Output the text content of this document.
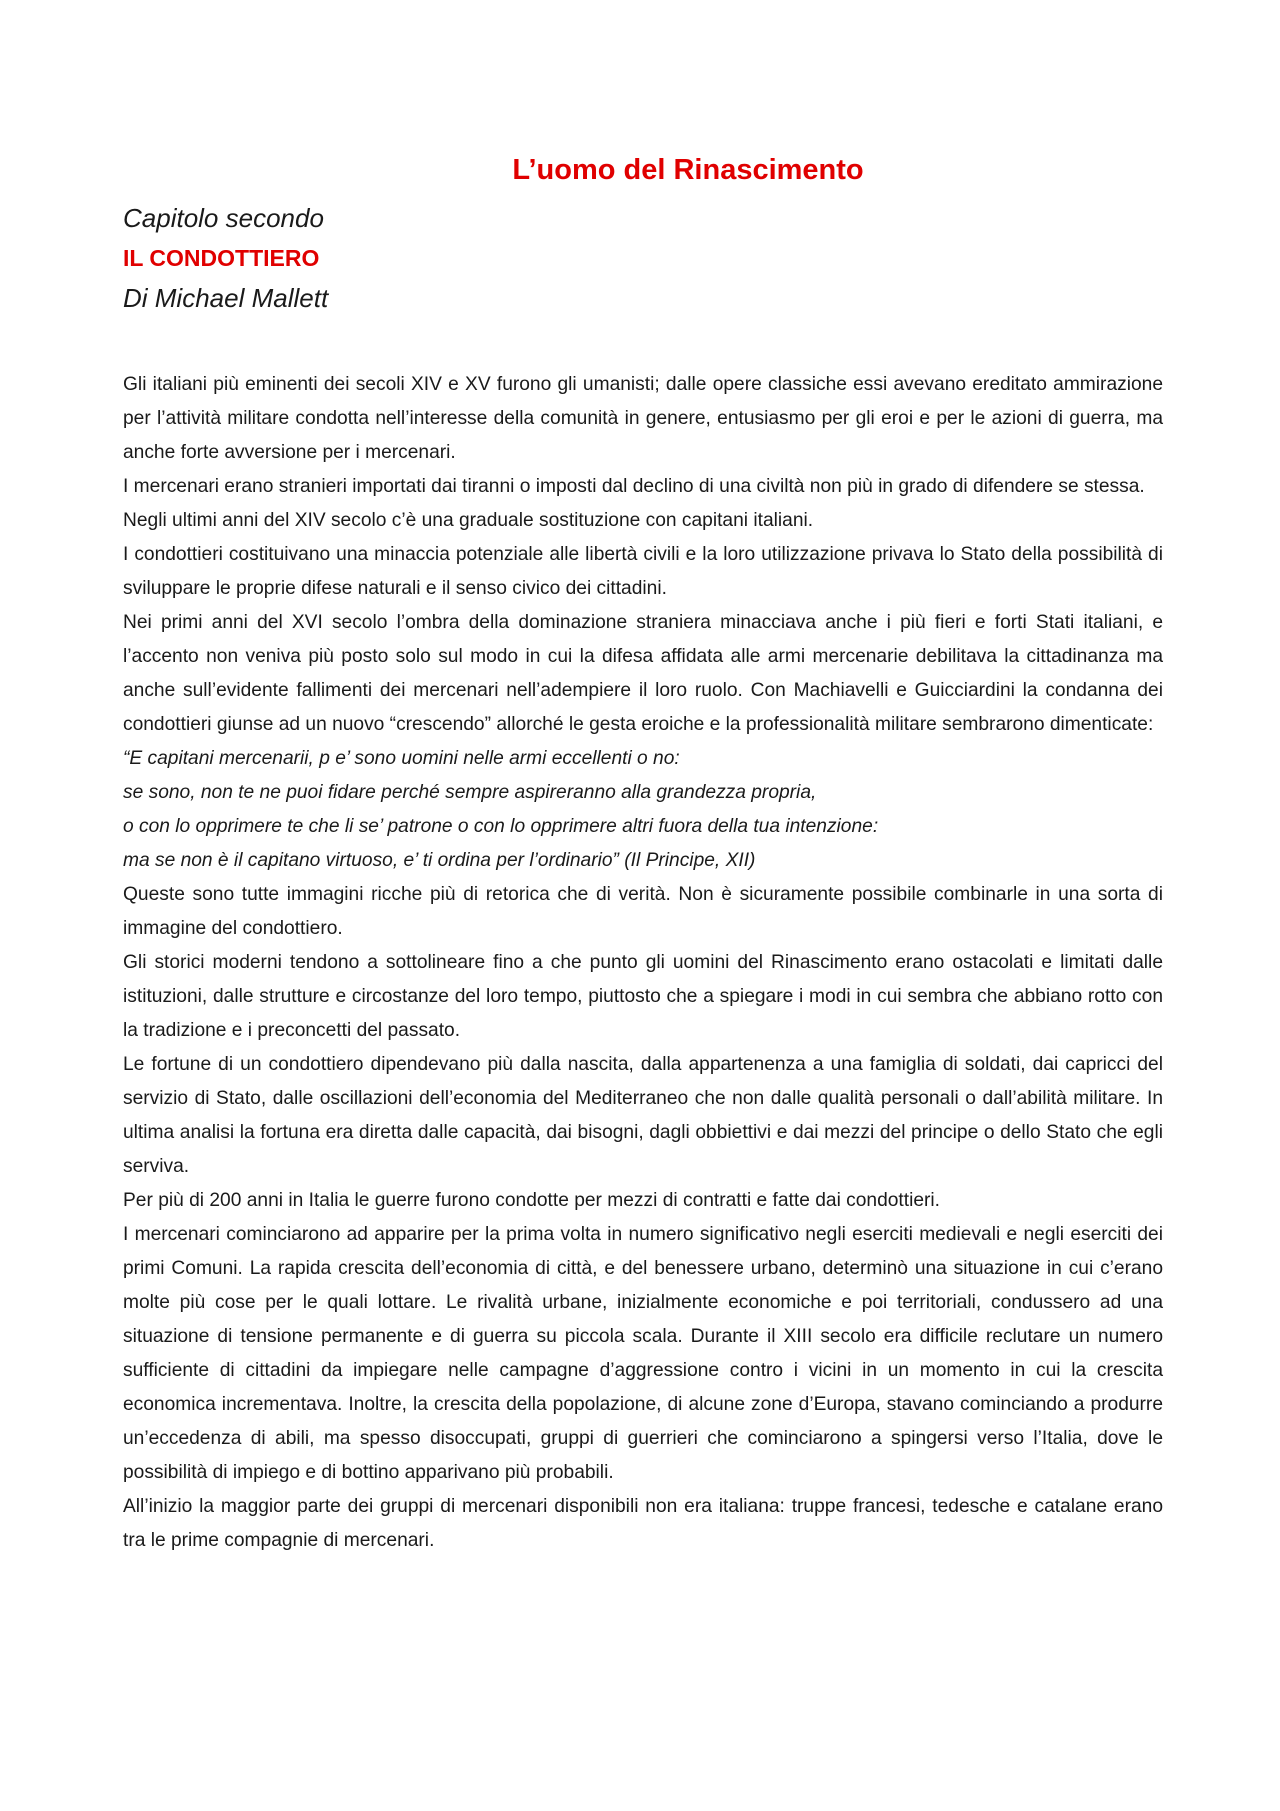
L’uomo del Rinascimento

Capitolo secondo

IL CONDOTTIERO

Di Michael Mallett

Gli italiani più eminenti dei secoli XIV e XV furono gli umanisti; dalle opere classiche essi avevano ereditato ammirazione per l’attività militare condotta nell’interesse della comunità in genere, entusiasmo per gli eroi e per le azioni di guerra, ma anche forte avversione per i mercenari.

I mercenari erano stranieri importati dai tiranni o imposti dal declino di una civiltà non più in grado di difendere se stessa.

Negli ultimi anni del XIV secolo c’è una graduale sostituzione con capitani italiani.

I condottieri costituivano una minaccia potenziale alle libertà civili e la loro utilizzazione privava lo Stato della possibilità di sviluppare le proprie difese naturali e il senso civico dei cittadini.

Nei primi anni del XVI secolo l’ombra della dominazione straniera minacciava anche i più fieri e forti Stati italiani, e l’accento non veniva più posto solo sul modo in cui la difesa affidata alle armi mercenarie debilitava la cittadinanza ma anche sull’evidente fallimenti dei mercenari nell’adempiere il loro ruolo. Con Machiavelli e Guicciardini la condanna dei condottieri giunse ad un nuovo “crescendo” allorché le gesta eroiche e la professionalità militare sembrarono dimenticate:

“E capitani mercenarii, p e’ sono uomini nelle armi eccellenti o no:

se sono, non te ne puoi fidare perché sempre aspireranno alla grandezza propria,

o con lo opprimere te che li se’ patrone o con lo opprimere altri fuora della tua intenzione:

ma se non è il capitano virtuoso, e’ ti ordina per l’ordinario” (Il Principe, XII)

Queste sono tutte immagini ricche più di retorica che di verità. Non è sicuramente possibile combinarle in una sorta di immagine del condottiero.

Gli storici moderni tendono a sottolineare fino a che punto gli uomini del Rinascimento erano ostacolati e limitati dalle istituzioni, dalle strutture e circostanze del loro tempo, piuttosto che a spiegare i modi in cui sembra che abbiano rotto con la tradizione e i preconcetti del passato.

Le fortune di un condottiero dipendevano più dalla nascita, dalla appartenenza a una famiglia di soldati, dai capricci del servizio di Stato, dalle oscillazioni dell’economia del Mediterraneo che non dalle qualità personali o dall’abilità militare. In ultima analisi la fortuna era diretta dalle capacità, dai bisogni, dagli obbiettivi e dai mezzi del principe o dello Stato che egli serviva.

Per più di 200 anni in Italia le guerre furono condotte per mezzi di contratti e fatte dai condottieri.

I mercenari cominciarono ad apparire per la prima volta in numero significativo negli eserciti medievali e negli eserciti dei primi Comuni. La rapida crescita dell’economia di città, e del benessere urbano, determinò una situazione in cui c’erano molte più cose per le quali lottare. Le rivalità urbane, inizialmente economiche e poi territoriali, condussero ad una situazione di tensione permanente e di guerra su piccola scala. Durante il XIII secolo era difficile reclutare un numero sufficiente di cittadini da impiegare nelle campagne d’aggressione contro i vicini in un momento in cui la crescita economica incrementava. Inoltre, la crescita della popolazione, di alcune zone d’Europa, stavano cominciando a produrre un’eccedenza di abili, ma spesso disoccupati, gruppi di guerrieri che cominciarono a spingersi verso l’Italia, dove le possibilità di impiego e di bottino apparivano più probabili.

All’inizio la maggior parte dei gruppi di mercenari disponibili non era italiana: truppe francesi, tedesche e catalane erano tra le prime compagnie di mercenari.
